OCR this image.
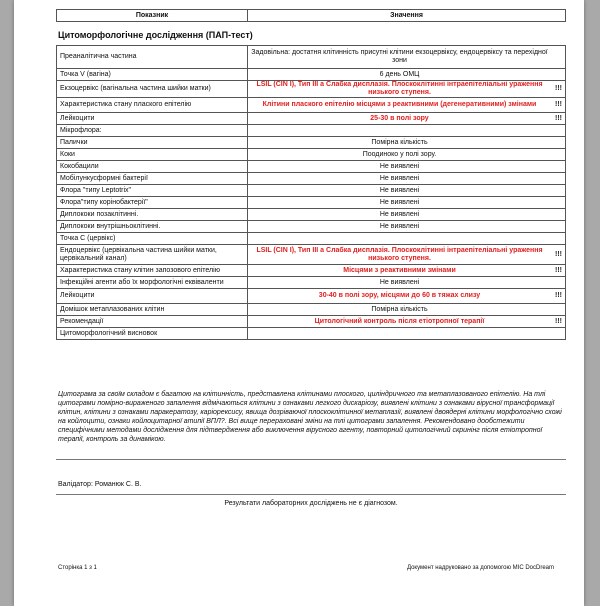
Показник	Значення
Цитоморфологічне дослідження (ПАП-тест)
Преаналітична частина	Задовільна: достатня клітинність присутні клітини екзоцервіксу, ендоцервіксу та перехідної зони

Точка V (вагіна)	6 день ОМЦ

Екзоцервікс (вагінальна частина шийки матки)	LSIL (CIN I), Тип III а Слабка дисплазія. Плоскоклітинні інтраепітеліальні ураження низького ступеня.
!!!

Характеристика стану плаского епітелію	Клітини плаского епітелію місцями з реактивними (дегенеративними) змінами !!!

Лейкоцити	25-30 в полі зору !!!

Мікрофлора:	

Палички	Помірна кількість

Коки	Поодиноко у полі зору.

Кокобацили	Не виявлені

Мобілункусформні бактерії	Не виявлені

Флора "типу Leptotrix"	Не виявлені

Флора"типу корінобактерії"	Не виявлені

Диплококи позаклітинні.	Не виявлені

Диплококи внутрішньоклітинні.	Не виявлені

Точка С (цервікс)	

Ендоцервікс (цервікальна частина шийки матки, цервікальний канал)	LSIL (CIN I), Тип III а Слабка дисплазія. Плоскоклітинні інтраепітеліальні ураження низького ступеня.
!!!

Характеристика стану клітин запозового епітелію	Місцями з реактивними змінами !!!

Інфекційні агенти або їх морфологічні еквіваленти	Не виявлені

Лейкоцити	30-40 в полі зору, місцями до 60 в тяжах слизу !!!

Домішок метаплазованих клітин	Помірна кількість

Рекомендації	Цитологічний контроль після етіотропної терапії !!!

Цитоморфологічний висновок	
Цитограма за своїм складом є багатою на клітинність, представлена клітинами плоского, циліндричного та метаплазованого епітелію. На тлі цитограми помірно-вираженого запалення відмічаються клітини з ознаками легкого дискаріозу, виявлені клітини з ознаками вірусної трансформації клітин, клітини з ознаками паракератозу, каріорексису, явища дозріваючої плоскоклітинної метаплазії, виявлені двоядерні клітини морфологічно схожі на койлоцити, ознаки койлоцитарної атипії ВПЛ?. Всі вище перераховані зміни на тлі цитограми запалення. Рекомендовано дообстежити специфічними методами дослідження для підтвердження або виключення вірусного агенту, повторний цитологічний скринінг після етіотропної терапії, контроль за динамікою.
Валідатор: Романюк С. В.
Результати лабораторних досліджень не є діагнозом.
Сторінка 1 з 1	Документ надруковано за допомогою МІС DocDream
